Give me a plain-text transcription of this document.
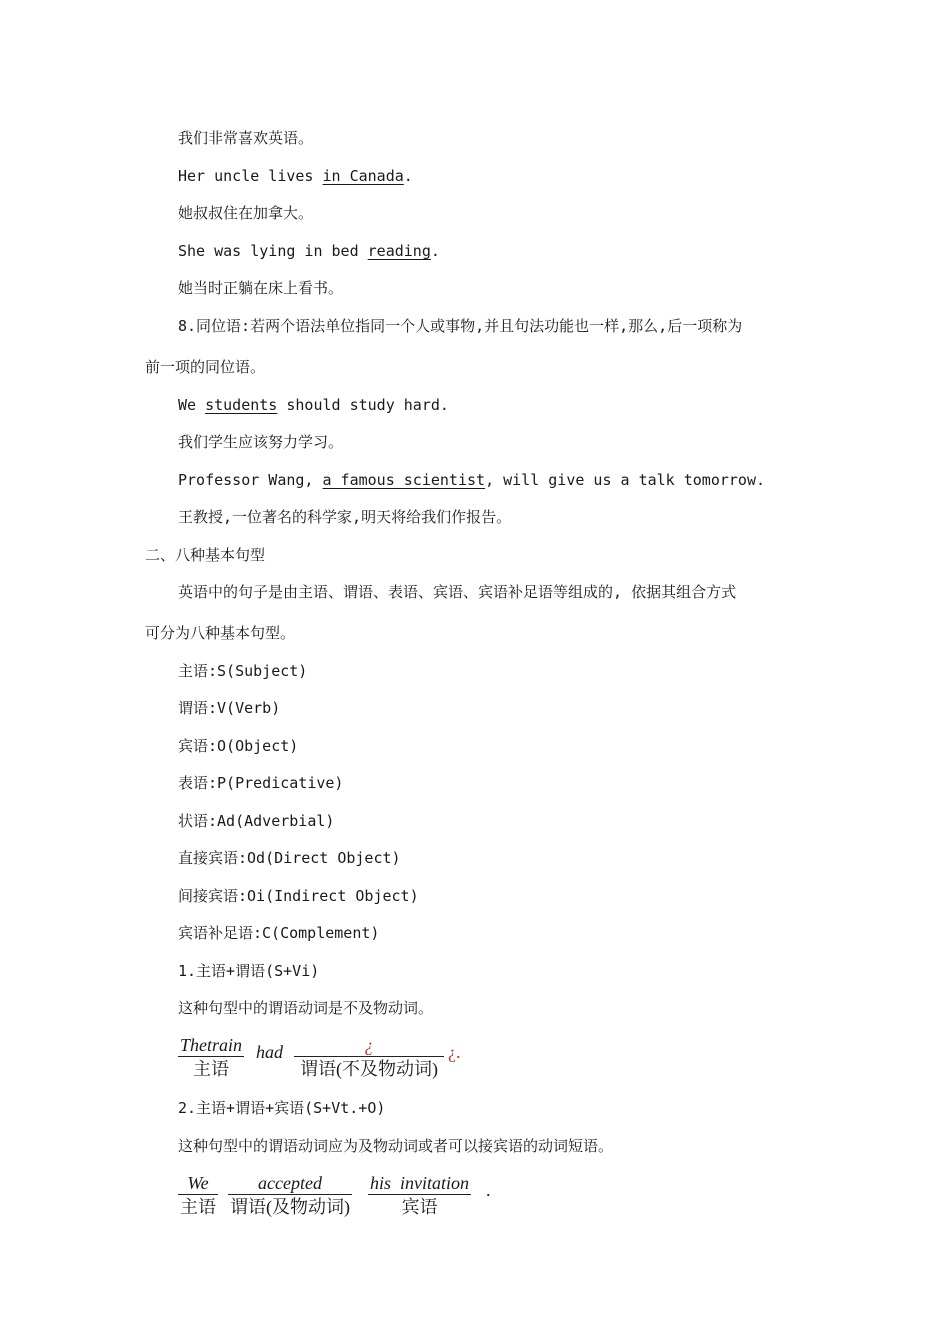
我们非常喜欢英语。
Her uncle lives in Canada.
她叔叔住在加拿大。
She was lying in bed reading.
她当时正躺在床上看书。
8.同位语:若两个语法单位指同一个人或事物,并且句法功能也一样,那么,后一项称为
前一项的同位语。
We students should study hard.
我们学生应该努力学习。
Professor Wang, a famous scientist, will give us a talk tomorrow.
王教授,一位著名的科学家,明天将给我们作报告。
二、八种基本句型
英语中的句子是由主语、谓语、表语、宾语、宾语补足语等组成的, 依据其组合方式
可分为八种基本句型。
主语:S(Subject)
谓语:V(Verb)
宾语:O(Object)
表语:P(Predicative)
状语:Ad(Adverbial)
直接宾语:Od(Direct Object)
间接宾语:Oi(Indirect Object)
宾语补足语:C(Complement)
1.主语+谓语(S+Vi)
这种句型中的谓语动词是不及物动词。
Thetrain
主语
had	¿
谓语(不及物动词)
¿.
2.主语+谓语+宾语(S+Vt.+O)
这种句型中的谓语动词应为及物动词或者可以接宾语的动词短语。
We
主语
accepted
谓语(及物动词)
his  invitation
宾语
.
